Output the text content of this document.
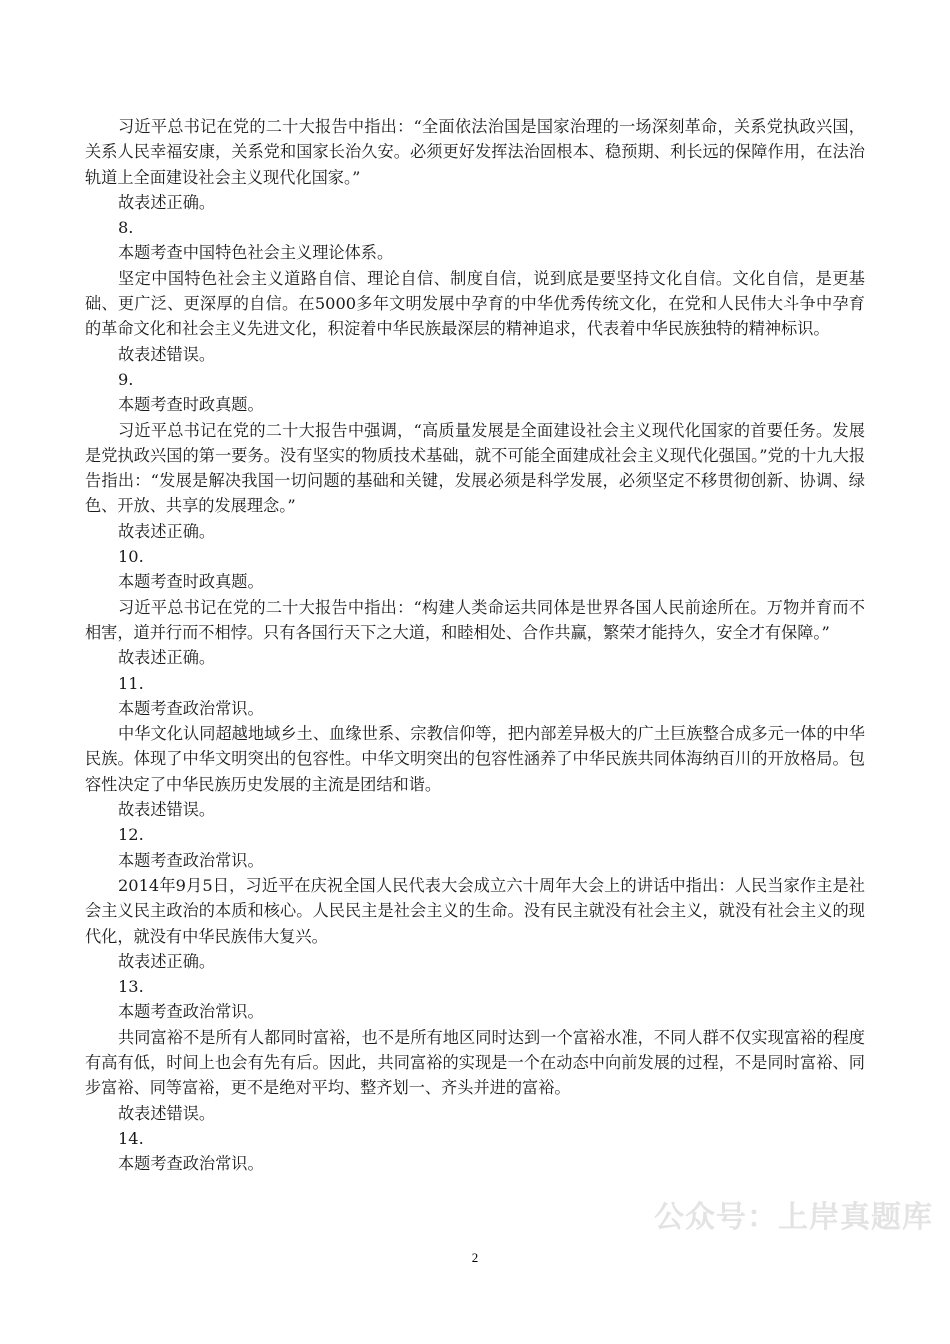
习近平总书记在党的二十大报告中指出：“全面依法治国是国家治理的一场深刻革命，关系党执政兴国，关系人民幸福安康，关系党和国家长治久安。必须更好发挥法治固根本、稳预期、利长远的保障作用，在法治轨道上全面建设社会主义现代化国家。”

故表述正确。

8.

本题考查中国特色社会主义理论体系。

坚定中国特色社会主义道路自信、理论自信、制度自信，说到底是要坚持文化自信。文化自信，是更基础、更广泛、更深厚的自信。在5000多年文明发展中孕育的中华优秀传统文化，在党和人民伟大斗争中孕育的革命文化和社会主义先进文化，积淀着中华民族最深层的精神追求，代表着中华民族独特的精神标识。

故表述错误。

9.

本题考查时政真题。

习近平总书记在党的二十大报告中强调，“高质量发展是全面建设社会主义现代化国家的首要任务。发展是党执政兴国的第一要务。没有坚实的物质技术基础，就不可能全面建成社会主义现代化强国。”党的十九大报告指出：“发展是解决我国一切问题的基础和关键，发展必须是科学发展，必须坚定不移贯彻创新、协调、绿色、开放、共享的发展理念。”

故表述正确。

10.

本题考查时政真题。

习近平总书记在党的二十大报告中指出：“构建人类命运共同体是世界各国人民前途所在。万物并育而不相害，道并行而不相悖。只有各国行天下之大道，和睦相处、合作共赢，繁荣才能持久，安全才有保障。”

故表述正确。

11.

本题考查政治常识。

中华文化认同超越地域乡土、血缘世系、宗教信仰等，把内部差异极大的广土巨族整合成多元一体的中华民族。体现了中华文明突出的包容性。中华文明突出的包容性涵养了中华民族共同体海纳百川的开放格局。包容性决定了中华民族历史发展的主流是团结和谐。

故表述错误。

12.

本题考查政治常识。

2014年9月5日，习近平在庆祝全国人民代表大会成立六十周年大会上的讲话中指出：人民当家作主是社会主义民主政治的本质和核心。人民民主是社会主义的生命。没有民主就没有社会主义，就没有社会主义的现代化，就没有中华民族伟大复兴。

故表述正确。

13.

本题考查政治常识。

共同富裕不是所有人都同时富裕，也不是所有地区同时达到一个富裕水准，不同人群不仅实现富裕的程度有高有低，时间上也会有先有后。因此，共同富裕的实现是一个在动态中向前发展的过程，不是同时富裕、同步富裕、同等富裕，更不是绝对平均、整齐划一、齐头并进的富裕。

故表述错误。

14.

本题考查政治常识。

公众号：上岸真题库
2
